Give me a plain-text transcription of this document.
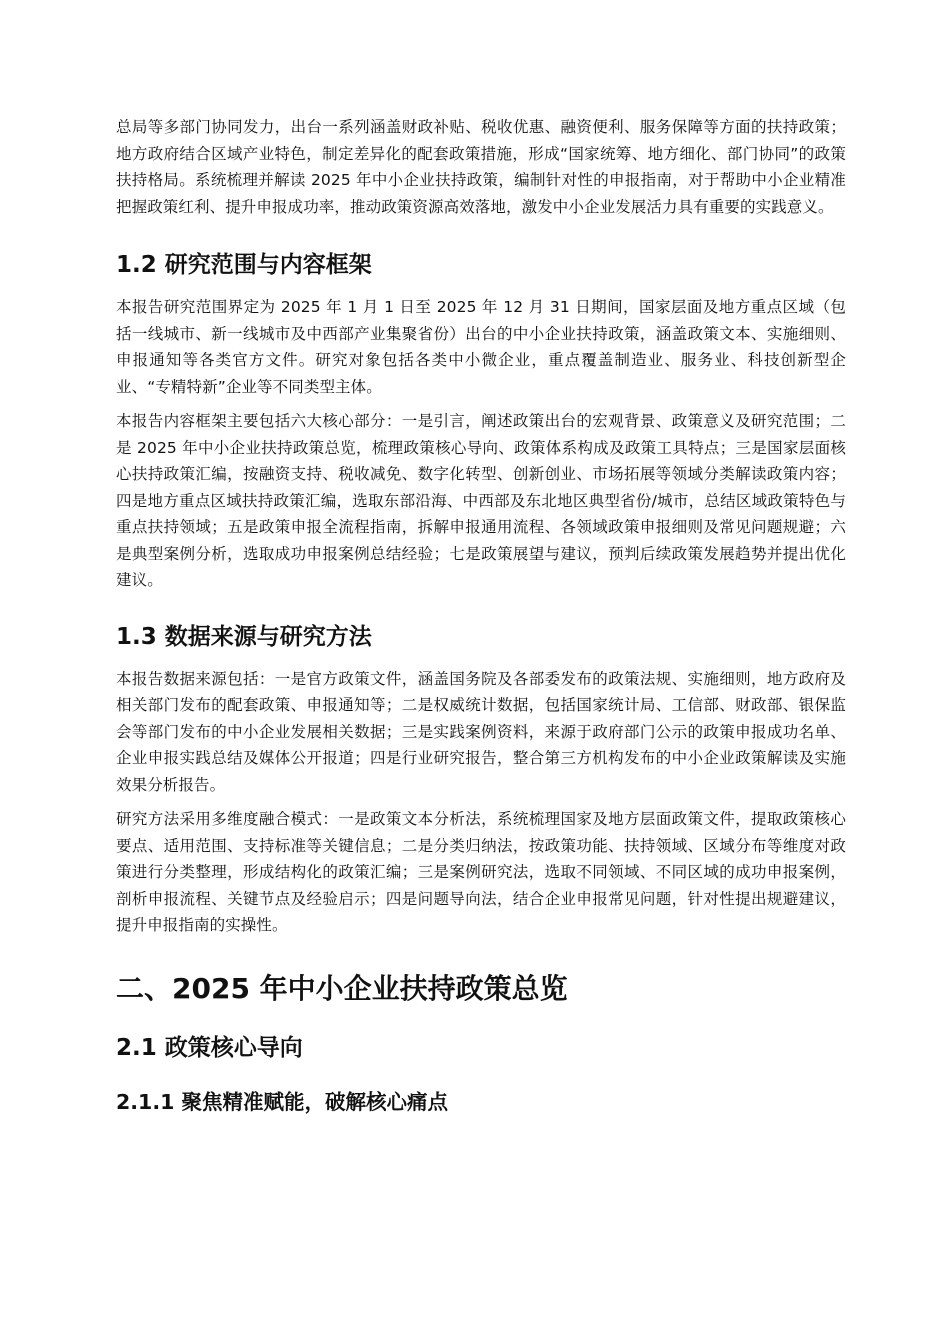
总局等多部门协同发力，出台一系列涵盖财政补贴、税收优惠、融资便利、服务保障等方面的扶持政策；地方政府结合区域产业特色，制定差异化的配套政策措施，形成“国家统筹、地方细化、部门协同”的政策扶持格局。系统梳理并解读 2025 年中小企业扶持政策，编制针对性的申报指南，对于帮助中小企业精准把握政策红利、提升申报成功率，推动政策资源高效落地，激发中小企业发展活力具有重要的实践意义。

1.2 研究范围与内容框架

本报告研究范围界定为 2025 年 1 月 1 日至 2025 年 12 月 31 日期间，国家层面及地方重点区域（包括一线城市、新一线城市及中西部产业集聚省份）出台的中小企业扶持政策，涵盖政策文本、实施细则、申报通知等各类官方文件。研究对象包括各类中小微企业，重点覆盖制造业、服务业、科技创新型企业、“专精特新”企业等不同类型主体。

本报告内容框架主要包括六大核心部分：一是引言，阐述政策出台的宏观背景、政策意义及研究范围；二是 2025 年中小企业扶持政策总览，梳理政策核心导向、政策体系构成及政策工具特点；三是国家层面核心扶持政策汇编，按融资支持、税收减免、数字化转型、创新创业、市场拓展等领域分类解读政策内容；四是地方重点区域扶持政策汇编，选取东部沿海、中西部及东北地区典型省份/城市，总结区域政策特色与重点扶持领域；五是政策申报全流程指南，拆解申报通用流程、各领域政策申报细则及常见问题规避；六是典型案例分析，选取成功申报案例总结经验；七是政策展望与建议，预判后续政策发展趋势并提出优化建议。

1.3 数据来源与研究方法

本报告数据来源包括：一是官方政策文件，涵盖国务院及各部委发布的政策法规、实施细则，地方政府及相关部门发布的配套政策、申报通知等；二是权威统计数据，包括国家统计局、工信部、财政部、银保监会等部门发布的中小企业发展相关数据；三是实践案例资料，来源于政府部门公示的政策申报成功名单、企业申报实践总结及媒体公开报道；四是行业研究报告，整合第三方机构发布的中小企业政策解读及实施效果分析报告。

研究方法采用多维度融合模式：一是政策文本分析法，系统梳理国家及地方层面政策文件，提取政策核心要点、适用范围、支持标准等关键信息；二是分类归纳法，按政策功能、扶持领域、区域分布等维度对政策进行分类整理，形成结构化的政策汇编；三是案例研究法，选取不同领域、不同区域的成功申报案例，剖析申报流程、关键节点及经验启示；四是问题导向法，结合企业申报常见问题，针对性提出规避建议，提升申报指南的实操性。

二、2025 年中小企业扶持政策总览
2.1 政策核心导向
2.1.1 聚焦精准赋能，破解核心痛点
